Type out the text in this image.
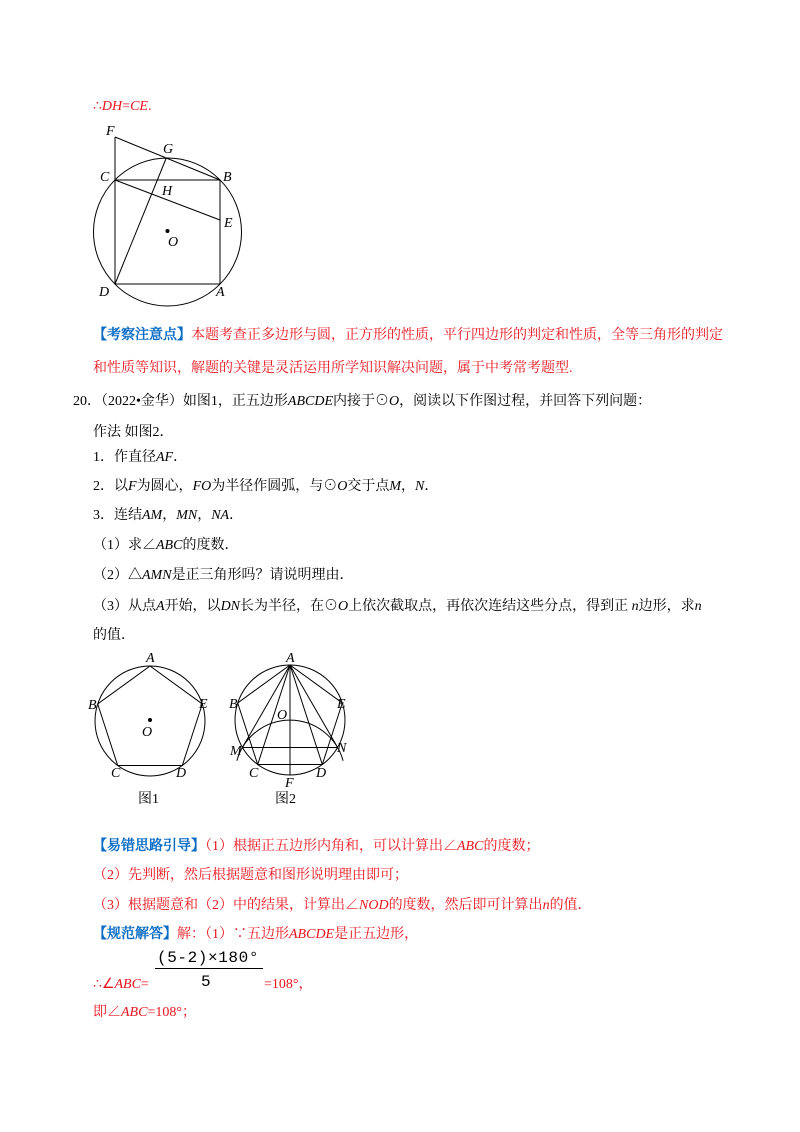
∴DH=CE.
F
G
C	B
H
E
O
D	A
【考察注意点】本题考查正多边形与圆，正方形的性质，平行四边形的判定和性质，全等三角形的判定
和性质等知识，解题的关键是灵活运用所学知识解决问题，属于中考常考题型.
20．（2022•金华）如图1，正五边形ABCDE内接于⊙O，阅读以下作图过程，并回答下列问题：
作法 如图2．
1．作直径AF．
2．以F为圆心，FO为半径作圆弧，与⊙O交于点M，N．
3．连结AM，MN，NA．
（1）求∠ABC的度数．
（2）△AMN是正三角形吗？请说明理由．
（3）从点A开始，以DN长为半径，在⊙O上依次截取点，再依次连结这些分点，得到正 n边形，求n
的值．
A
B	E
O
C	D
图1
A
B	E
O
M	N
C
F
D
图2
【易错思路引导】（1）根据正五边形内角和，可以计算出∠ABC的度数；
（2）先判断，然后根据题意和图形说明理由即可；
（3）根据题意和（2）中的结果，计算出∠NOD的度数，然后即可计算出n的值．
【规范解答】解：（1）∵五边形ABCDE是正五边形，
∴∠ABC=
(5-2)×180°
5	=108°，
即∠ABC=108°；
